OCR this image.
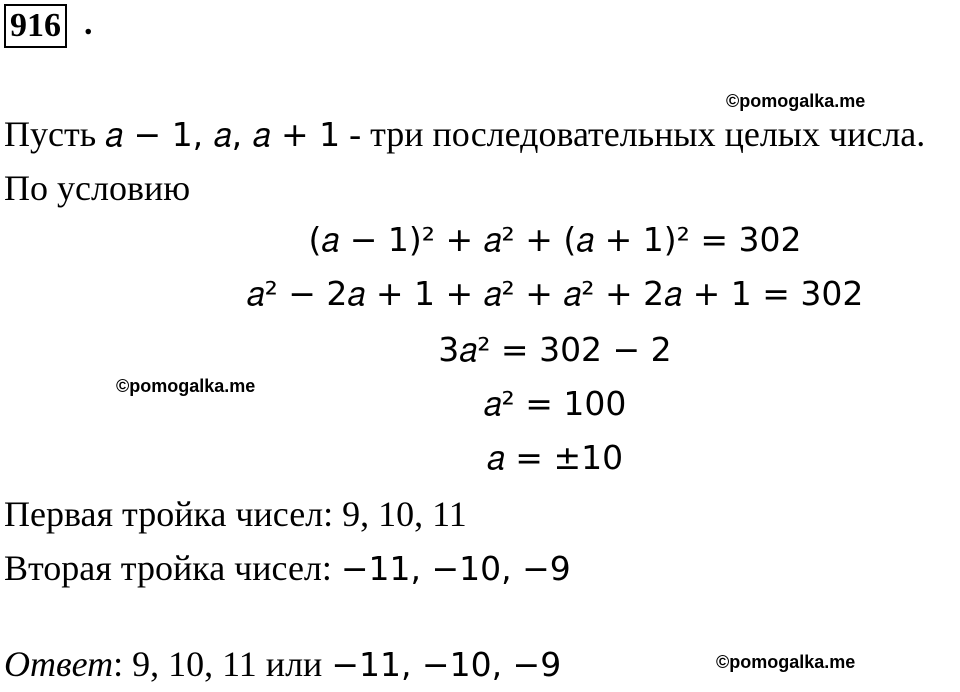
916 .
©pomogalka.me
Пусть 𝑎 − 1, 𝑎, 𝑎 + 1 - три последовательных целых числа.
По условию
(𝑎 − 1)² + 𝑎² + (𝑎 + 1)² = 302
𝑎² − 2𝑎 + 1 + 𝑎² + 𝑎² + 2𝑎 + 1 = 302
3𝑎² = 302 − 2
©pomogalka.me	𝑎² = 100
𝑎 = ±10
Первая тройка чисел: 9, 10, 11
Вторая тройка чисел: −11, −10, −9
Ответ: 9, 10, 11 или −11, −10, −9	©pomogalka.me
